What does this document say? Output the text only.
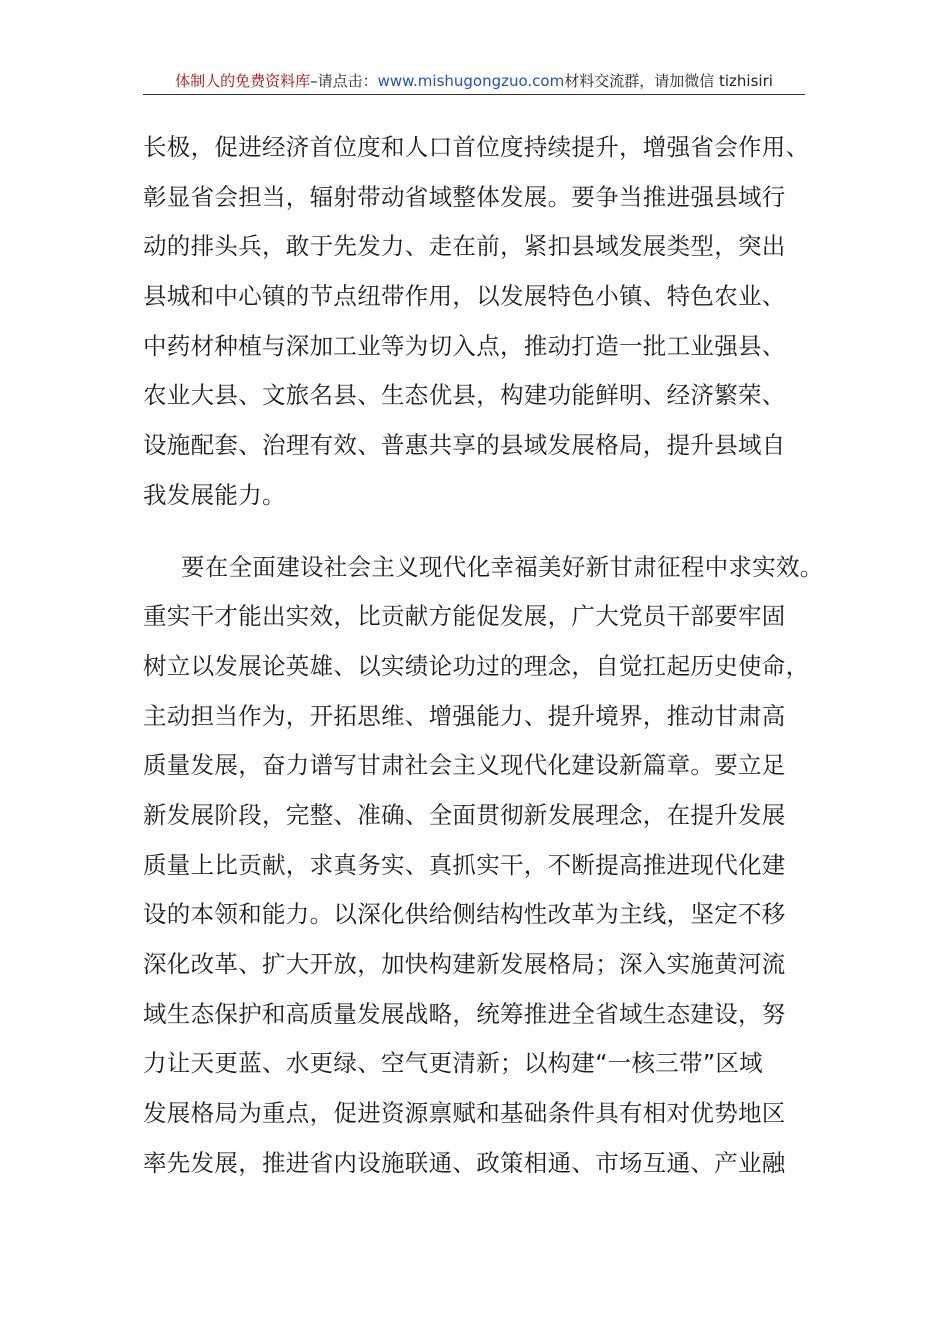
体制人的免费资料库–请点击：www.mishugongzuo.com材料交流群，请加微信 tizhisiri
长极，促进经济首位度和人口首位度持续提升，增强省会作用、
彰显省会担当，辐射带动省域整体发展。要争当推进强县域行
动的排头兵，敢于先发力、走在前，紧扣县域发展类型，突出
县城和中心镇的节点纽带作用，以发展特色小镇、特色农业、
中药材种植与深加工业等为切入点，推动打造一批工业强县、
农业大县、文旅名县、生态优县，构建功能鲜明、经济繁荣、
设施配套、治理有效、普惠共享的县域发展格局，提升县域自
我发展能力。
要在全面建设社会主义现代化幸福美好新甘肃征程中求实效。
重实干才能出实效，比贡献方能促发展，广大党员干部要牢固
树立以发展论英雄、以实绩论功过的理念，自觉扛起历史使命，
主动担当作为，开拓思维、增强能力、提升境界，推动甘肃高
质量发展，奋力谱写甘肃社会主义现代化建设新篇章。要立足
新发展阶段，完整、准确、全面贯彻新发展理念，在提升发展
质量上比贡献，求真务实、真抓实干，不断提高推进现代化建
设的本领和能力。以深化供给侧结构性改革为主线，坚定不移
深化改革、扩大开放，加快构建新发展格局；深入实施黄河流
域生态保护和高质量发展战略，统筹推进全省域生态建设，努
力让天更蓝、水更绿、空气更清新；以构建“一核三带”区域
发展格局为重点，促进资源禀赋和基础条件具有相对优势地区
率先发展，推进省内设施联通、政策相通、市场互通、产业融
